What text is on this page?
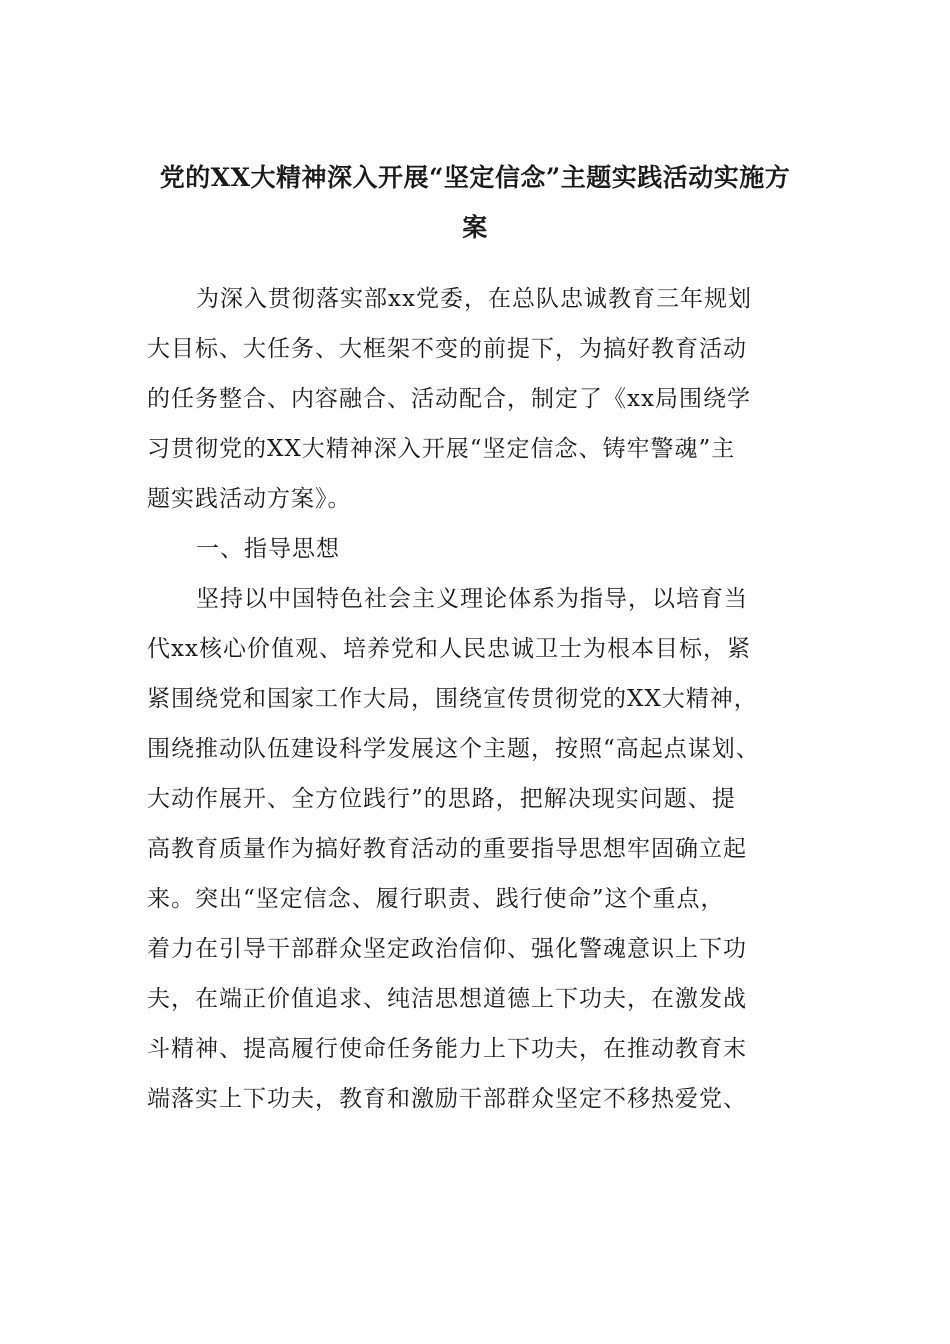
党的XX大精神深入开展“坚定信念”主题实践活动实施方
案

为深入贯彻落实部xx党委，在总队忠诚教育三年规划

大目标、大任务、大框架不变的前提下，为搞好教育活动

的任务整合、内容融合、活动配合，制定了《xx局围绕学

习贯彻党的XX大精神深入开展“坚定信念、铸牢警魂”主

题实践活动方案》。

一、指导思想

坚持以中国特色社会主义理论体系为指导，以培育当

代xx核心价值观、培养党和人民忠诚卫士为根本目标，紧

紧围绕党和国家工作大局，围绕宣传贯彻党的XX大精神，

围绕推动队伍建设科学发展这个主题，按照“高起点谋划、

大动作展开、全方位践行”的思路，把解决现实问题、提

高教育质量作为搞好教育活动的重要指导思想牢固确立起

来。突出“坚定信念、履行职责、践行使命”这个重点，

着力在引导干部群众坚定政治信仰、强化警魂意识上下功

夫，在端正价值追求、纯洁思想道德上下功夫，在激发战

斗精神、提高履行使命任务能力上下功夫，在推动教育末

端落实上下功夫，教育和激励干部群众坚定不移热爱党、
